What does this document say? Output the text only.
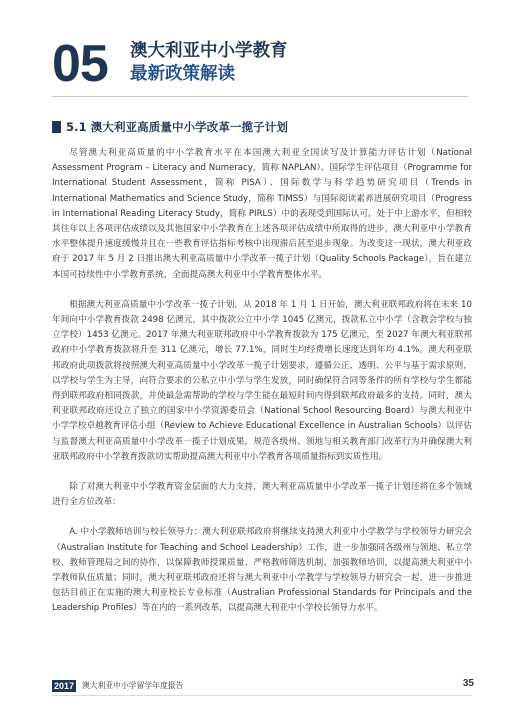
05 澳大利亚中小学教育
最新政策解读
5.1 澳大利亚高质量中小学改革一揽子计划

尽管澳大利亚高质量的中小学教育水平在本国澳大利亚全国读写及计算能力评估计划（National Assessment Program – Literacy and Numeracy，简称 NAPLAN）、国际学生评估项目（Programme for International Student Assessment，简称 PISA）、国际数学与科学趋势研究项目（Trends in International Mathematics and Science Study，简称 TIMSS）与国际阅读素养进展研究项目（Progress in International Reading Literacy Study，简称 PIRLS）中的表现受到国际认可，处于中上游水平，但相较其往年以上各项评估成绩以及其他国家中小学教育在上述各项评估成绩中所取得的进步，澳大利亚中小学教育水平整体提升速度缓慢并且在一些教育评估指标考核中出现滞后甚至退步现象。为改变这一现状，澳大利亚政府于 2017 年 5 月 2 日推出澳大利亚高质量中小学改革一揽子计划（Quality Schools Package），旨在建立本国可持续性中小学教育系统，全面提高澳大利亚中小学教育整体水平。

根据澳大利亚高质量中小学改革一揽子计划，从 2018 年 1 月 1 日开始，澳大利亚联邦政府将在未来 10 年间向中小学教育拨款 2498 亿澳元，其中拨款公立中小学 1045 亿澳元，拨款私立中小学（含教会学校与独立学校）1453 亿澳元。2017 年澳大利亚联邦政府中小学教育拨款为 175 亿澳元，至 2027 年澳大利亚联邦政府中小学教育拨款将升至 311 亿澳元，增长 77.1%，同时生均经费增长速度达到年均 4.1%。澳大利亚联邦政府此项拨款将按照澳大利亚高质量中小学改革一揽子计划要求，遵循公正、透明、公平与基于需求原则，以学校与学生为主导，向符合要求的公私立中小学与学生发放，同时确保符合同等条件的所有学校与学生都能得到联邦政府相同拨款，并使最急需帮助的学校与学生能在最短时间内得到联邦政府最多的支持。同时，澳大利亚联邦政府还设立了独立的国家中小学资源委员会（National School Resourcing Board）与澳大利亚中小学学校卓越教育评估小组（Review to Achieve Educational Excellence in Australian Schools）以评估与监督澳大利亚高质量中小学改革一揽子计划成果，规范各级州、领地与相关教育部门改革行为并确保澳大利亚联邦政府中小学教育拨款切实帮助提高澳大利亚中小学教育各项质量指标到实质性用。

除了对澳大利亚中小学教育资金层面的大力支持，澳大利亚高质量中小学改革一揽子计划还将在多个领域进行全方位改革：

A. 中小学教师培训与校长领导力：澳大利亚联邦政府将继续支持澳大利亚中小学教学与学校领导力研究会（Australian Institute for Teaching and School Leadership）工作，进一步加强同各级州与领地、私立学校、教师管理局之间的协作，以保障教师授课质量、严格教师筛选机制、加强教师培训，以提高澳大利亚中小学教师队伍质量；同时，澳大利亚联邦政府还将与澳大利亚中小学教学与学校领导力研究会一起，进一步推进包括目前正在实施的澳大利亚校长专业标准（Australian Professional Standards for Principals and the Leadership Profiles）等在内的一系列改革，以提高澳大利亚中小学校长领导力水平。

2017 澳大利亚中小学留学年度报告	35
